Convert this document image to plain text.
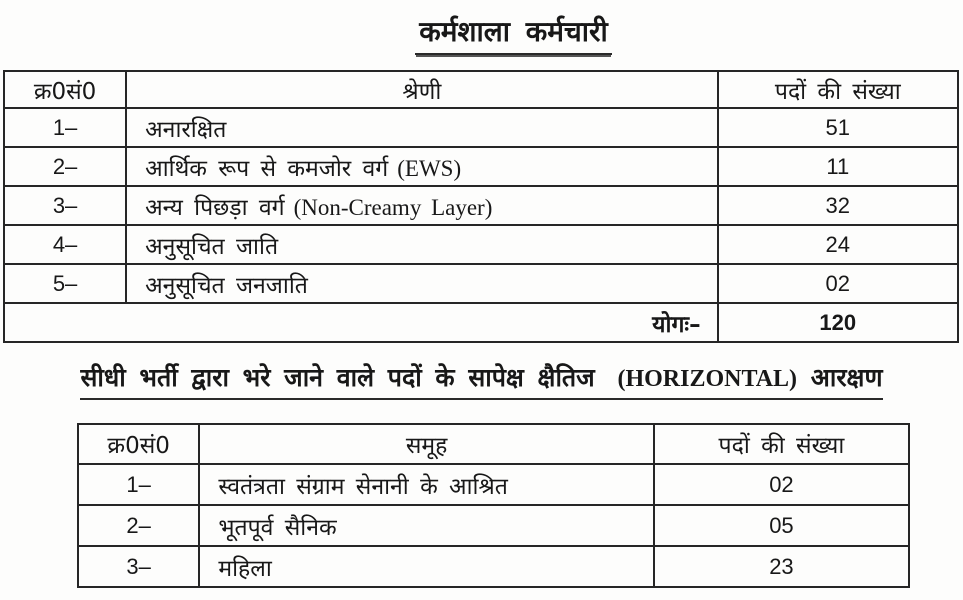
कर्मशाला कर्मचारी
क्र0सं0	श्रेणी	पदों की संख्या
1–	अनारक्षित	51
2–	आर्थिक रूप से कमजोर वर्ग (EWS)	11
3–	अन्य पिछड़ा वर्ग (Non-Creamy Layer)	32
4–	अनुसूचित जाति	24
5–	अनुसूचित जनजाति	02
योगः–		120
सीधी भर्ती द्वारा भरे जाने वाले पदों के सापेक्ष क्षैतिज (HORIZONTAL) आरक्षण
क्र0सं0	समूह	पदों की संख्या
1–	स्वतंत्रता संग्राम सेनानी के आश्रित	02
2–	भूतपूर्व सैनिक	05
3–	महिला	23
